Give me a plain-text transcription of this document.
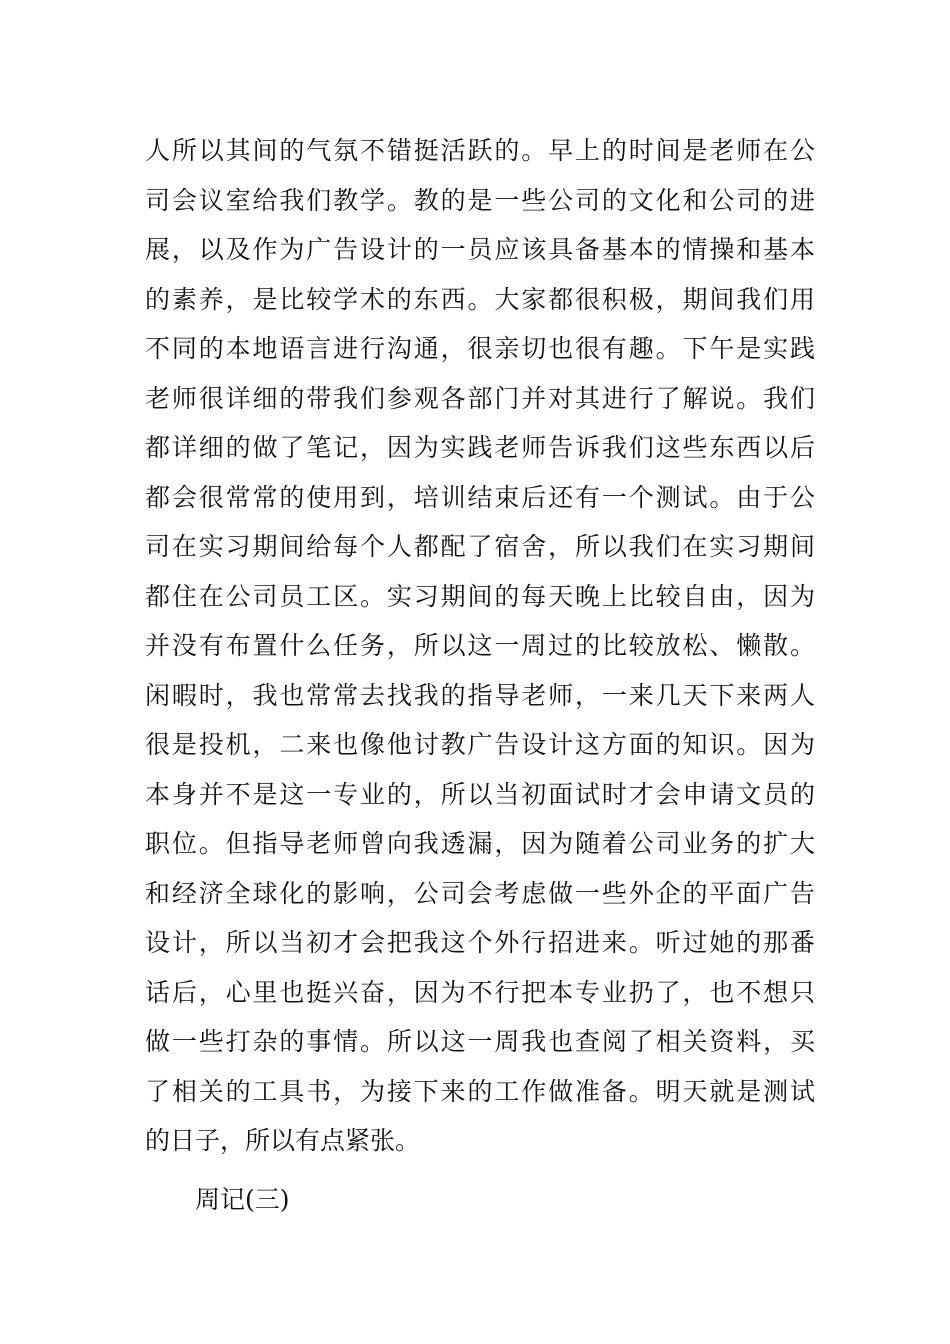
人所以其间的气氛不错挺活跃的。早上的时间是老师在公
司会议室给我们教学。教的是一些公司的文化和公司的进
展，以及作为广告设计的一员应该具备基本的情操和基本
的素养，是比较学术的东西。大家都很积极，期间我们用
不同的本地语言进行沟通，很亲切也很有趣。下午是实践
老师很详细的带我们参观各部门并对其进行了解说。我们
都详细的做了笔记，因为实践老师告诉我们这些东西以后
都会很常常的使用到，培训结束后还有一个测试。由于公
司在实习期间给每个人都配了宿舍，所以我们在实习期间
都住在公司员工区。实习期间的每天晚上比较自由，因为
并没有布置什么任务，所以这一周过的比较放松、懒散。
闲暇时，我也常常去找我的指导老师，一来几天下来两人
很是投机，二来也像他讨教广告设计这方面的知识。因为
本身并不是这一专业的，所以当初面试时才会申请文员的
职位。但指导老师曾向我透漏，因为随着公司业务的扩大
和经济全球化的影响，公司会考虑做一些外企的平面广告
设计，所以当初才会把我这个外行招进来。听过她的那番
话后，心里也挺兴奋，因为不行把本专业扔了，也不想只
做一些打杂的事情。所以这一周我也查阅了相关资料，买
了相关的工具书，为接下来的工作做准备。明天就是测试
的日子，所以有点紧张。
周记(三)
